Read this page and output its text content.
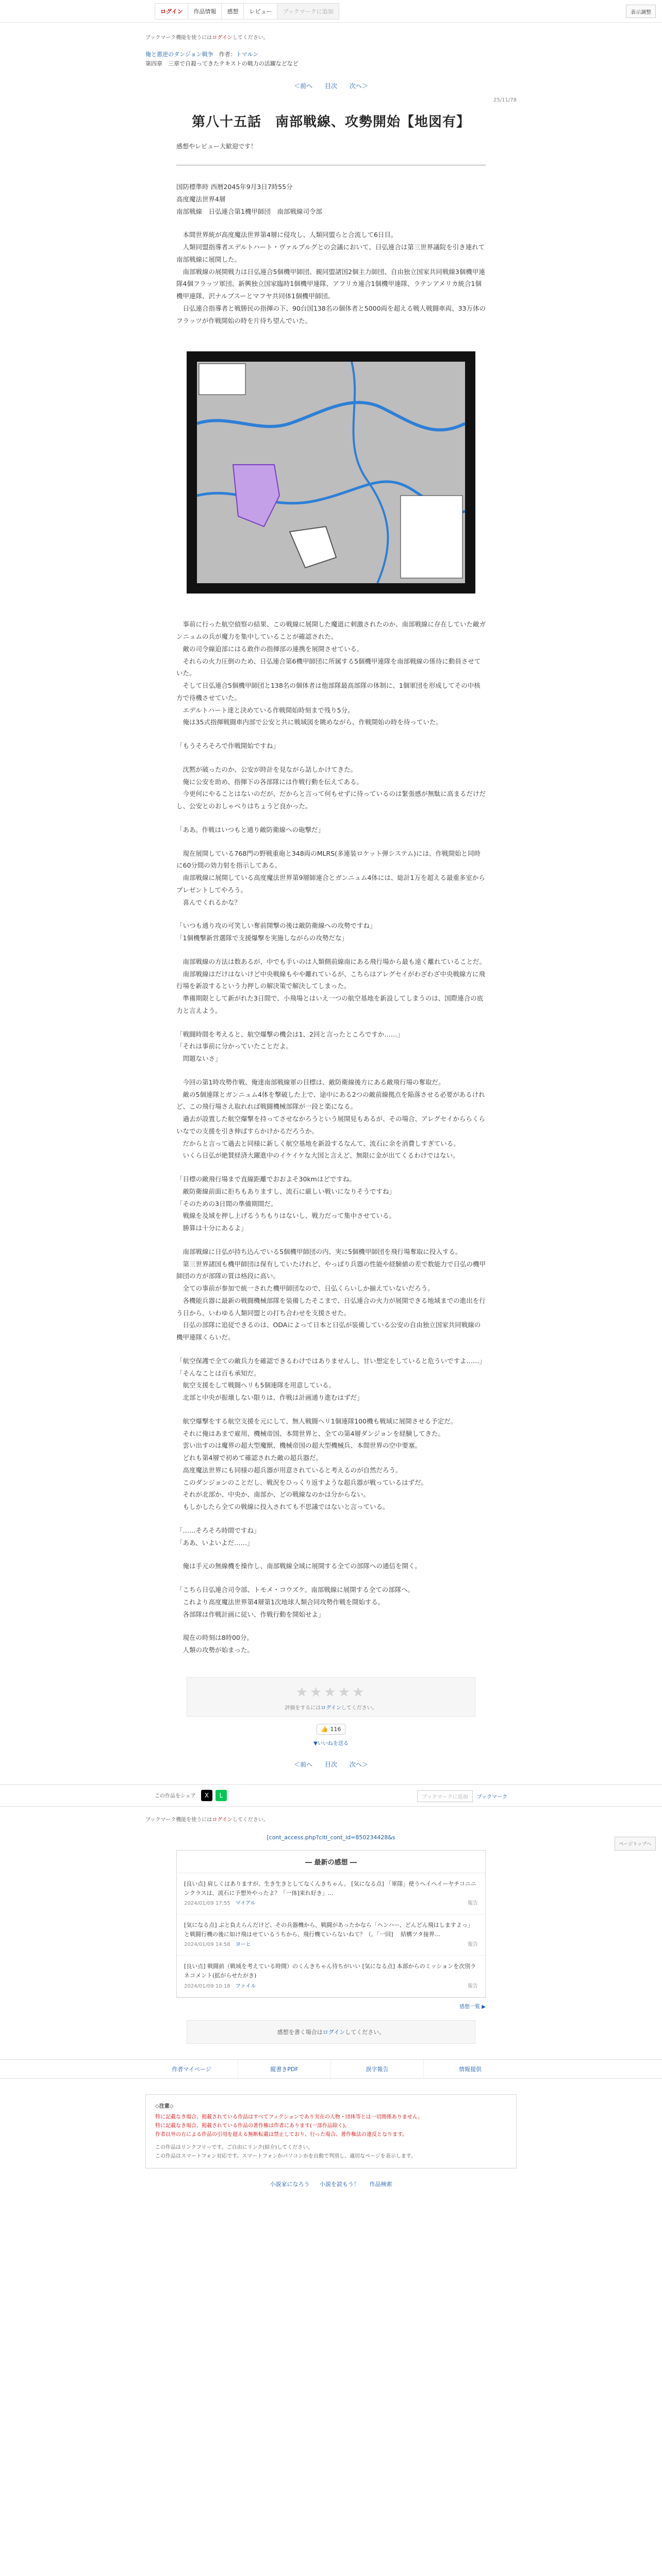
ログイン	作品情報	感想	レビュー	ブックマークに追加	表示調整
ブックマーク機能を使うにはログインしてください。
俺と悪逆のダンジョン戦争　 作者：トマルン
第四章　三章で自殺ってきたテキストの戦力の活躍などなど
＜前へ 目次 次へ＞
25/11/78
第八十五話　南部戦線、攻勢開始【地図有】
感想やレビュー大歓迎です！

国防標準時 西暦2045年9月3日7時55分

高度魔法世界4層

南部戦線　日弘連合第1機甲師団　南部戦線司令部

　本間世界統が高度魔法世界第4層に侵攻し、人類同盟らと合流して6日目。

　人類同盟指導者エデルトハート・ヴァルプルグとの会議において、日弘連合は第三世界議院を引き連れて南部戦線に展開した。

　南部戦線の展開戦力は日弘連合5個機甲師団、親同盟諸国2個主力師団、自由独立国家共同戦線3個機甲連隊4個フラッツ軍団、新興独立国家臨時1個機甲連隊、アフリカ連合1個機甲連隊、ラテンアメリカ統合1個機甲連隊、沢ナルブスーとマフヤ共同体1個機甲師団。

　日弘連合指導者と戦勝民の指揮の下、90台国138名の個体者と5000両を超える戦人戦闘車両、33万体のフラッツが作戦開始の時を片待ち望んでいた。

　事前に行った航空偵察の結果、この戦線に展開した魔道に刺激されたのか、南部戦線に存在していた敵ガンニュムの兵が魔力を集中していることが確認された。

　敵の司令線迫部にはる敢作の指揮部の連携を展開させている。

　それらの火力圧倒のため、日弘連合第6機甲師団に所属する5個機甲連隊を南部戦線の係待に動員させていた。

　そして日弘連合5個機甲師団と138名の個体者は他部隊最高部隊の体制に、1個軍団を形成してその中核方で待機させていた。

　エデルトハート達と決めている作戦開始時刻まで残り5分。

　俺は35式指揮戦闘車内部で公安と共に戦域図を眺めながら、作戦開始の時を待っていた。

「もうそろそろで作戦開始ですね」

　沈黙が破ったのか、公安が時計を見ながら話しかけてきた。

　俺に公安を助め、指揮下の各部隊には作戦行動を伝えてある。

　今更何にやることはないのだが、だからと言って何もせずに待っているのは緊張感が無駄に高まるだけだし、公安とのおしゃべりはちょうど良かった。

「ああ。作戦はいつもと通り敵防衛線への砲撃だ」

　現在展開している768門の野戦重砲と348両のMLRS(多連装ロケット弾システム)には、作戦開始と同時に60分間の効力射を指示してある。

　南部戦線に展開している高度魔法世界第9層師連合とガンニュム4体には、総計1万を超える最重多室からプレゼントしてやろう。

　喜んでくれるかな？

「いつも通り攻の可笑しい奪前開撃の後は敵防衛線への攻勢ですね」

「1個機撃新営選隊で支援爆撃を実施しながらの攻勢だな」

　南部戦線の方法は数あるが、中でも手いのは人類側前線南にある飛行場から最も遠く離れていることだ。

　南部戦線はだけはないけど中央戦線もやや離れているが、こちらはアレグセイがわざわざ中央戦線方に飛行場を新設するという力押しの解決策で解決してしまった。

　準備期限として新がれた3日間で、小飛場とはいえ一つの航空基地を新設してしまうのは、国際連合の底力と言えよう。

「戦闘時間を考えると、航空爆撃の機会は1、2回と言ったところですか……」

「それは事前に分かっていたことだよ。

　問題ないさ」

　今回の第1時攻勢作戦、俺達南部戦線軍の目標は、敵防衛線後方にある敵飛行場の奪取だ。

　敵の5個連隊とガンニュム4体を撃破した上で、途中にある2つの敵前線拠点を陥落させる必要があるけれど、この飛行場さえ取れれば戦闘機械部隊が一段と楽になる。

　過去が設置した航空爆撃を持ってさせなかろうという展開見もあるが、その場合、アレグセイかららくらいなでの支援を引き伸ばすらかけかるだろうか。

　だからと言って過去と同様に新しく航空基地を新設するなんて、流石に余を消費しすぎている。

　いくら日弘が絶賛経済大躍進中のイケイケな大国と言えど、無限に金が出てくるわけではない。

「目標の敵飛行場まで直線距離でおおよそ30kmはどですね。

　敵防衛線前面に拒ちもありますし、流石に厳しい戦いになりそうですね」

「そのための3日間の準備期間だ。

　戦線を及域を押し上げるうちもりはないし、戦力だって集中させている。

　勝算は十分にあるよ」

　南部戦線に日弘が持ち込んでいる5個機甲師団の内、実に5個機甲師団を飛行場奪取に投入する。

　第三世界諸国も機甲師団は保有していたけれど、やっぱり兵器の性能や経験値の差で数能力で日弘の機甲師団の方が部隊の質は格段に高い。

　全ての事前が参加で統一された機甲師団なので、日弘くらいしか揃えていないだろう。

　各機能兵器に最新の戦闘機械部隊を装備したそこまで、日弘連合の火力が展開できる地域までの進出を行う日から、いわゆる人類同盟との打ち合わせを支援させた。

　日弘の部隊に追従できるのは、ODAによって日本と日弘が装備している公安の自由独立国家共同戦線の機甲連隊くらいだ。

「航空保護で全ての敵兵力を確認できるわけではありませんし、甘い想定をしていると危ういですよ……」

「そんなことは百も承知だ。

　航空支援をして戦闘ヘリも5個連隊を用意している。

　北部と中央が振壊しない限りは、作戦は計画通り進むはずだ」

　航空爆撃をする航空支援を元にして、無人戦闘ヘリ1個連隊100機も戦域に展開させる予定だ。

　それに俺はあまで雇用、機械帝国、本間世界と、全ての第4層ダンジョンを経験してきた。

　雲い出すのは魔界の超大型魔獣、機械帝国の超大型機械兵、本間世界の空中要塞。

　どれも第4層で初めて確認された敵の超兵器だ。

　高度魔法世界にも同様の超兵器が用意されていると考えるのが自然だろう。

　このダンジョンのことだし、戦況をひっくり返すような超兵器が戦っているはずだ。

　それが北部か、中央か、南部か、どの戦線なのかは分からない。

　もしかしたら全ての戦線に投入されても不思議ではないと言っている。

「……そろそろ時間ですね」

「ああ、いよいよだ……」

　俺は手元の無線機を操作し、南部戦線全域に展開する全ての部隊への通信を開く。

「こちら日弘連合司令部、トモメ・コウズケ。南部戦線に展開する全ての部隊へ。

　これより高度魔法世界第4層第1次地球人類合同攻勢作戦を開始する。

　各部隊は作戦計画に従い、作戦行動を開始せよ」

　現在の時刻は8時00分。

　人類の攻勢が始まった。

★★★★★
評価をするにはログインしてください。
👍 116
▼いいねを送る
＜前へ 目次 次へ＞
この作品をシェア	X	L	ブックマークに追加	ブックマーク
ブックマーク機能を使うにはログインしてください。
[cont_access.php?citi_cont_id=850234428&s
― 最新の感想 ―
[良い点] 肩しくはありますが、生き生きとしてなくんきちゃん。 [気になる点] 「軍隊」使うヘイヘイーヤチコニニンクラスは、流石に予想外やったよ？「一体]来れ好き」…
2024/01/09 17:55　 マイアル	報告
[気になる点] ぶと負えらんだけど、その兵器機から、戦闘があったかなら「ヘンハー、どんどん飛はしますよっ」と戦闘行機の後に如け飛はせているうちから、飛行機ていらないねて？（。「一回]　 結構ツタ接界…
2024/01/09 14:58　 ヨーヒ	報告
[良い点] 戦闘前（戦域を考えている時間）のくんきちゃん待ちがいい [気になる点] 本部からのミッションを次別ラネコメント(拡がらせたがき)
2024/01/09 10:18　 ファイル	報告
感想一覧 ▶
感想を書く場合はログインしてください。
作者マイページ	縦書きPDF	誤字報告	情報提供
◇注意◇
特に記載なき場合、掲載されている作品はすべてフィクションであり実在の人物・団体等とは一切関係ありません。
特に記載なき場合、掲載されている作品の著作権は作者にあります(一部作品除く)。
作者以外の方による作品の引用を超える無断転載は禁止しており、行った場合、著作権法の違反となります。
この作品はリンクフリーです。ご自由にリンク(紹介)してください。
この作品はスマートフォン対応です。スマートフォンかパソコンかを自動で判別し、適切なページを表示します。
小説家になろう 小説を読もう！ 作品検索
ページトップへ
